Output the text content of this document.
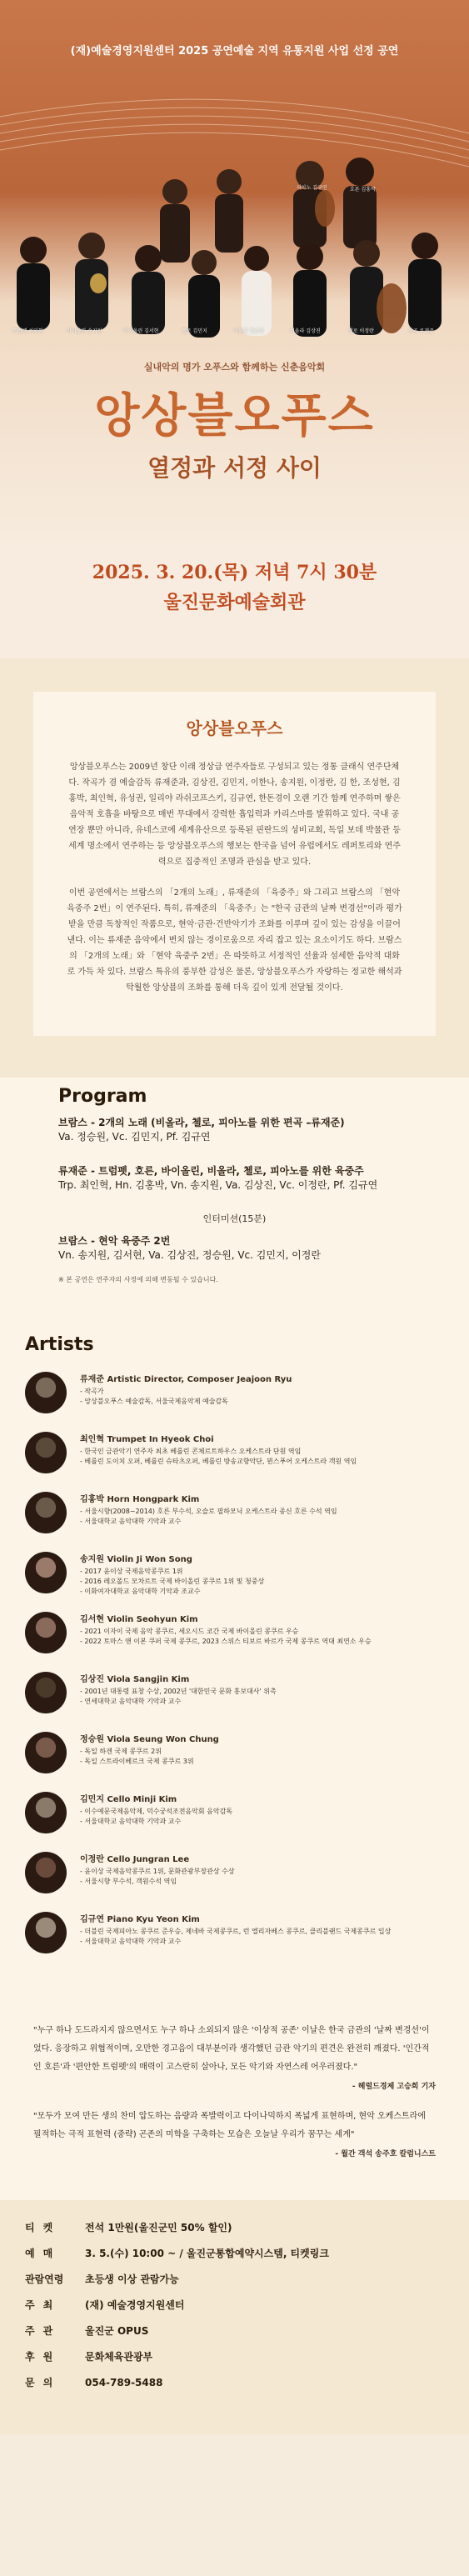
(재)예술경영지원센터 2025 공연예술 지역 유통지원 사업 선정 공연
피아노 김규연	호른 김홍박
트럼펫 최인혁	바이올린 송지원	바이올린 김서현	첼로 김민지	비올라 정승원	비올라 김상진	첼로 이정란	작곡 류재준
실내악의 명가 오푸스와 함께하는 신춘음악회
앙상블오푸스
열정과 서정 사이
2025. 3. 20.(목) 저녁 7시 30분
울진문화예술회관
앙상블오푸스

앙상블오푸스는 2009년 창단 이래 정상급 연주자들로 구성되고 있는 정통 클래식 연주단체다. 작곡가 겸 예술감독 류재준과, 김상진, 김민지, 이한나, 송지원, 이정란, 김 한, 조성현, 김홍박, 최인혁, 유성권, 일리야 라쉬코프스키, 김규연, 한돈경이 오랜 기간 함께 연주하며 쌓은 음악적 호흡을 바탕으로 매번 무대에서 강력한 흡입력과 카리스마를 발휘하고 있다. 국내 공연장 뿐만 아니라, 유네스코에 세계유산으로 등록된 핀란드의 성비교회, 독일 보데 박물관 등 세계 명소에서 연주하는 등 앙상블오푸스의 행보는 한국을 넘어 유럽에서도 레퍼토리와 연주력으로 집중적인 조명과 관심을 받고 있다.

이번 공연에서는 브람스의 「2개의 노래」, 류재준의 「육중주」와 그리고 브람스의 「현악 육중주 2번」이 연주된다. 특히, 류재준의 「육중주」는 "한국 금관의 날짜 변경선"이라 평가받을 만큼 독창적인 작품으로, 현악·금관·건반악기가 조화를 이루며 깊이 있는 감성을 이끌어 낸다. 이는 류재준 음악에서 변치 않는 경이로움으로 자리 잡고 있는 요소이기도 하다. 브람스의 「2개의 노래」와 「현악 육중주 2번」은 따뜻하고 서정적인 선율과 섬세한 음악적 대화로 가득 차 있다. 브람스 특유의 풍부한 감성은 물론, 앙상블오푸스가 자랑하는 정교한 해석과 탁월한 앙상블의 조화를 통해 더욱 깊이 있게 전달될 것이다.

Program
브람스 - 2개의 노래 (비올라, 첼로, 피아노를 위한 편곡 –류재준)
Va. 정승원, Vc. 김민지, Pf. 김규연
류재준 - 트럼펫, 호른, 바이올린, 비올라, 첼로, 피아노를 위한 육중주
Trp. 최인혁, Hn. 김홍박, Vn. 송지원, Va. 김상진, Vc. 이정란, Pf. 김규연
인터미션(15분)
브람스 - 현악 육중주 2번
Vn. 송지원, 김서현, Va. 김상진, 정승원, Vc. 김민지, 이정란
※ 본 공연은 연주자의 사정에 의해 변동될 수 있습니다.
Artists
류재준 Artistic Director, Composer Jeajoon Ryu
- 작곡가
- 앙상블오푸스 예술감독, 서울국제음악제 예술감독
최인혁 Trumpet In Hyeok Choi
- 한국인 금관악기 연주자 최초 베를린 콘체르트하우스 오케스트라 단원 역임
- 베를린 도이치 오퍼, 베를린 슈타츠오퍼, 베를린 방송교향악단, 뮌스푸어 오케스트라 객원 역임
김홍박 Horn Hongpark Kim
- 서울시향(2008~2014) 호른 부수석, 오슬로 필하모닉 오케스트라 종신 호른 수석 역임
- 서울대학교 음악대학 기악과 교수
송지원 Violin Ji Won Song
- 2017 윤이상 국제음악콩쿠르 1위
- 2016 레오폴드 모차르트 국제 바이올린 콩쿠르 1위 및 청중상
- 이화여자대학교 음악대학 기악과 조교수
김서현 Violin Seohyun Kim
- 2021 이자이 국제 음악 콩쿠르, 세오시드 코간 국제 바이올린 콩쿠르 우승
- 2022 토마스 앤 이본 쿠퍼 국제 콩쿠르, 2023 스위스 티보르 바르가 국제 콩쿠르 역대 최연소 우승
김상진 Viola Sangjin Kim
- 2001년 대통령 표창 수상, 2002년 '대한민국 문화 홍보대사' 위촉
- 연세대학교 음악대학 기악과 교수
정승원 Viola Seung Won Chung
- 독일 하겐 국제 콩쿠르 2위
- 독일 스트라이베르크 국제 콩쿠르 3위
김민지 Cello Minji Kim
- 이수예문국제음악제, 덕수궁석조전음악회 음악감독
- 서울대학교 음악대학 기악과 교수
이정란 Cello Jungran Lee
- 윤이상 국제음악콩쿠르 1위, 문화관광부장관상 수상
- 서울시향 부수석, 객원수석 역임
김규연 Piano Kyu Yeon Kim
- 더블린 국제피아노 콩쿠르 준우승, 제네바 국제콩쿠르, 런 엘리자베스 콩쿠르, 클리블랜드 국제콩쿠르 입상
- 서울대학교 음악대학 기악과 교수
"누구 하나 도드라지지 않으면서도 누구 하나 소외되지 않은 '이상적 공존' 이날은 한국 금관의 '날짜 변경선'이었다. 응장하고 위협적이며, 오만한 경고음이 대부분이라 생각했던 금관 악기의 편견은 완전히 깨졌다. '인간적인 호른'과 '편안한 트럼펫'의 매력이 고스란히 살아나, 모든 악기와 자연스레 어우러졌다."
- 헤럴드경제 고승희 기자
"모두가 모여 만든 생의 찬미 압도하는 음량과 폭발력이고 다이나믹하지 폭넓게 표현하며, 현악 오케스트라에 필적하는 극적 표현력 (중략) 곤존의 미학을 구축하는 모습은 오늘날 우리가 꿈꾸는 세계"
- 월간 객석 송주호 칼럼니스트
티켓	전석 1만원(울진군민 50% 할인)
예매	3. 5.(수) 10:00 ~ / 울진군통합예약시스템, 티켓링크
관람연령	초등생 이상 관람가능
주최	(재) 예술경영지원센터
주관	울진군 OPUS
후원	문화체육관광부
문의	054-789-5488
